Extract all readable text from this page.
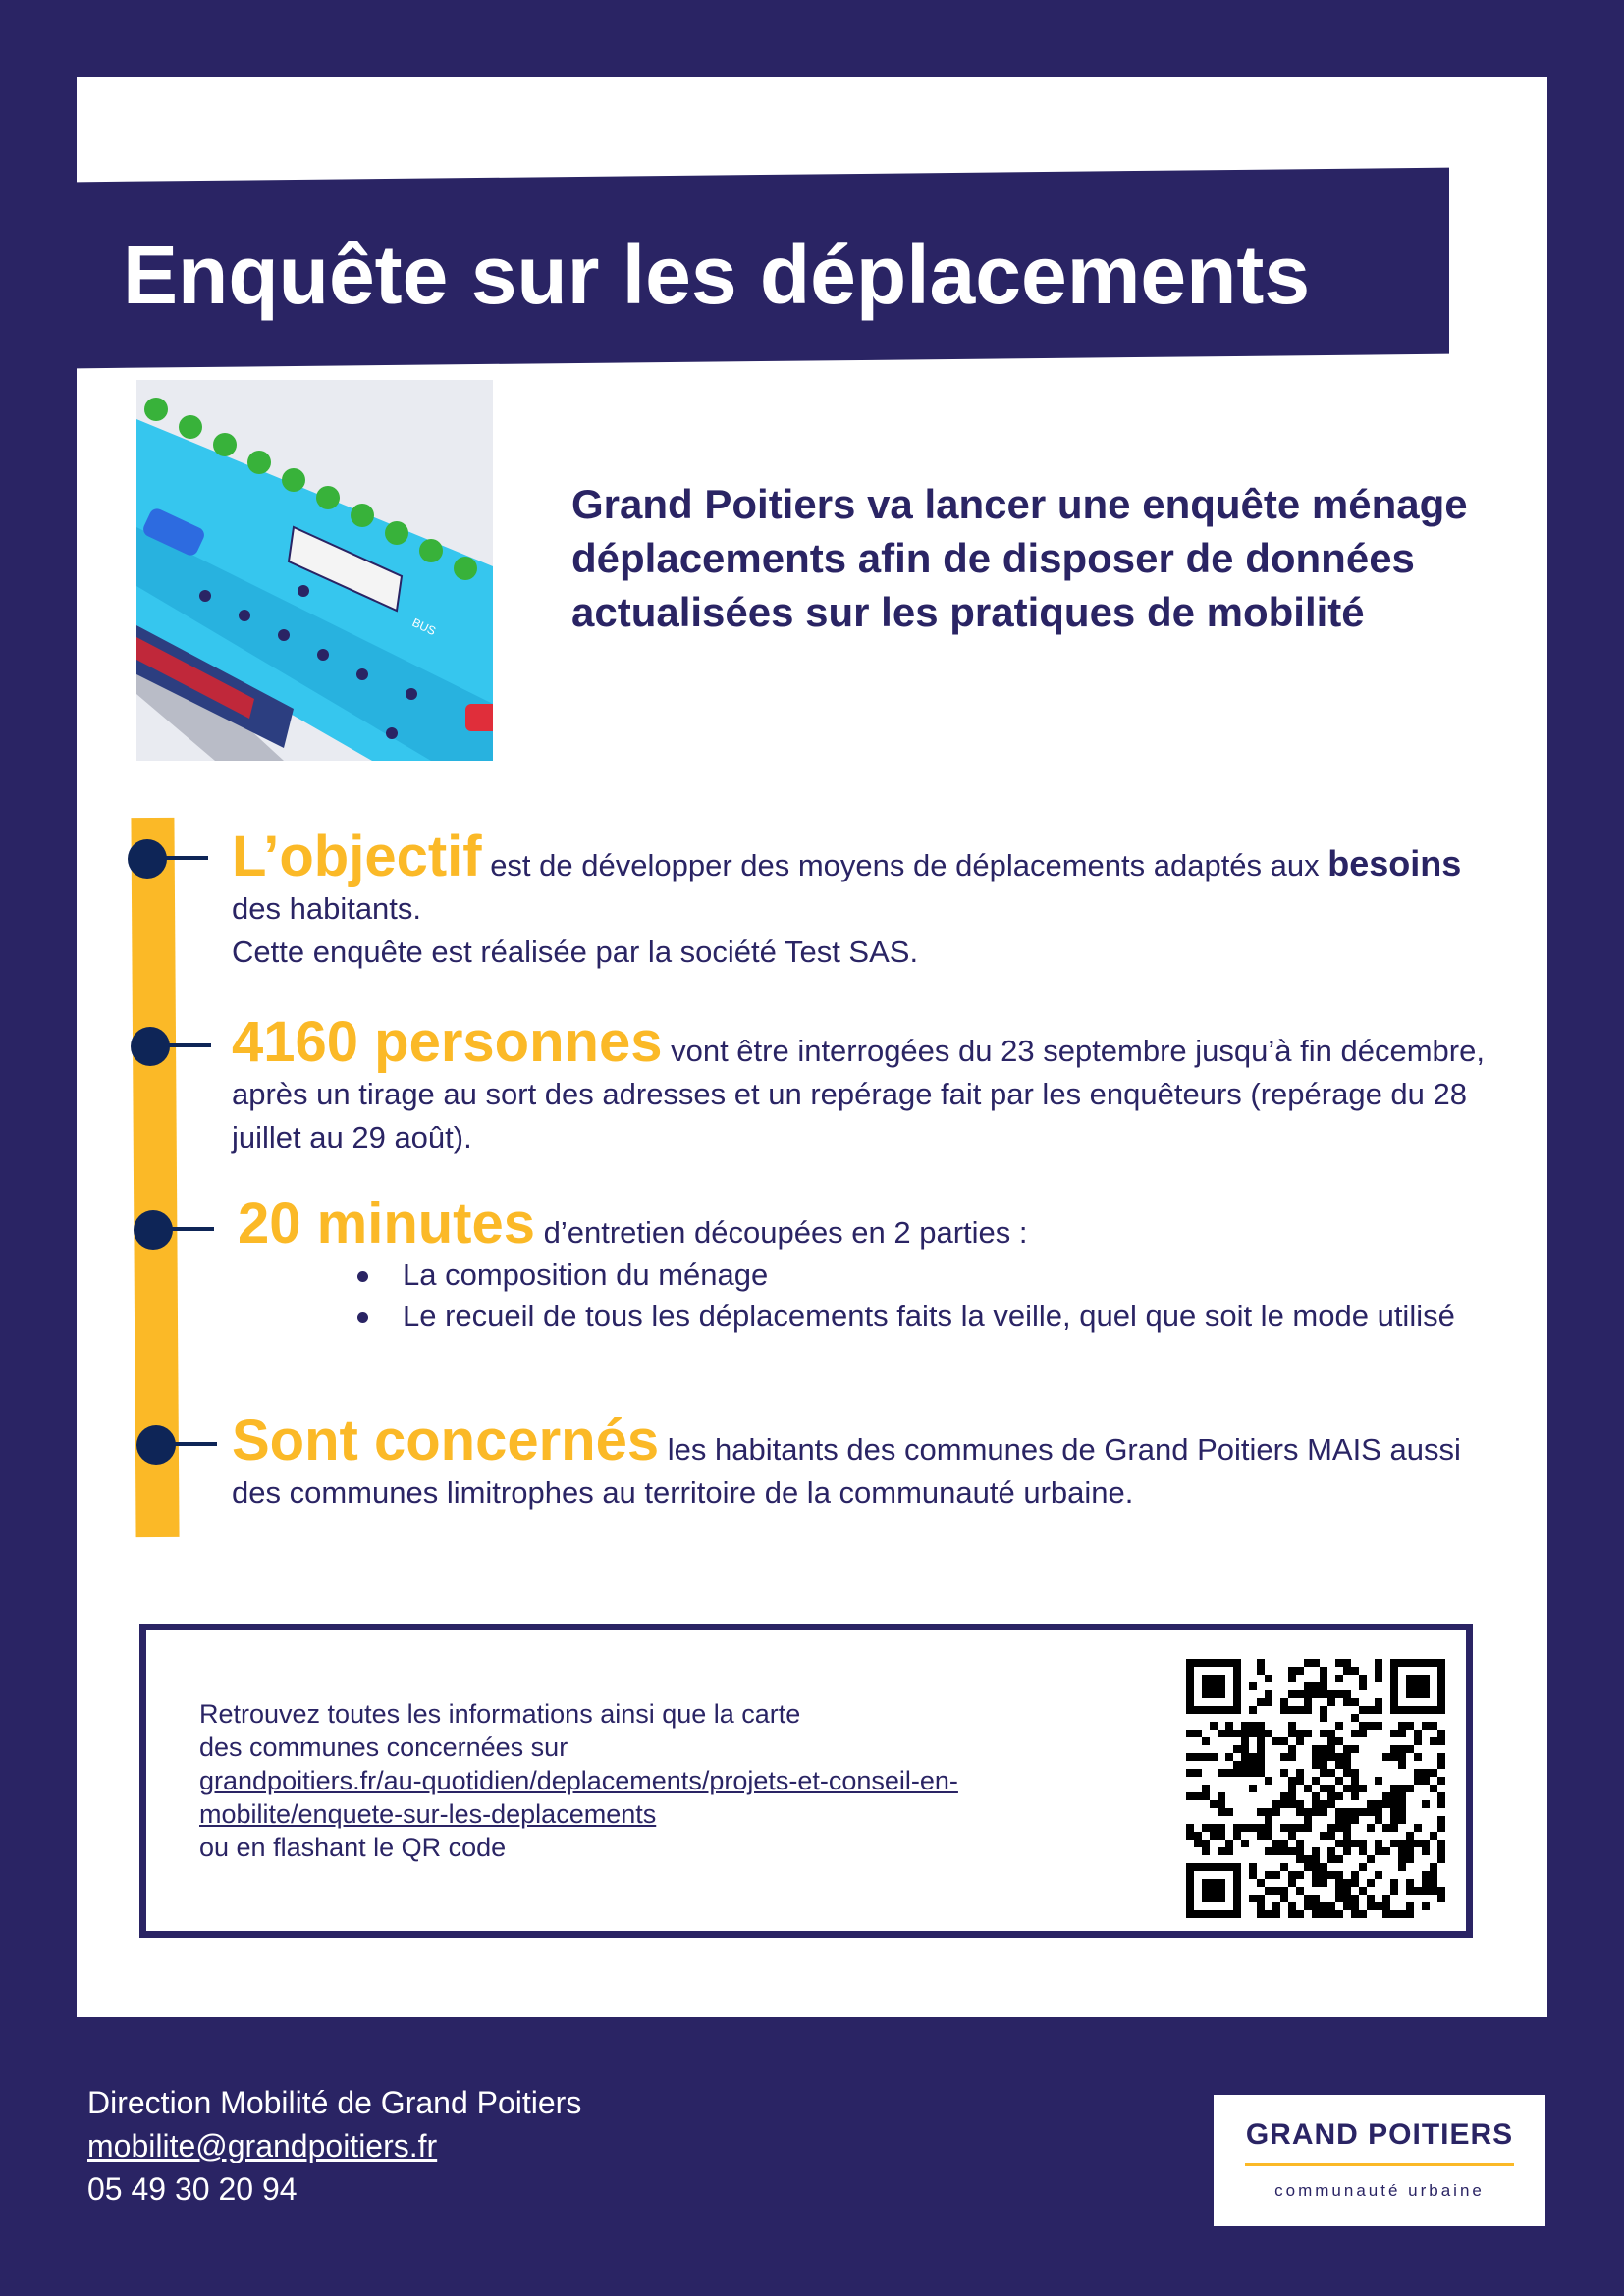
Enquête sur les déplacements
BUS
Grand Poitiers va lancer une enquête ménage déplacements afin de disposer de données actualisées sur les pratiques de mobilité
L’objectif est de développer des moyens de déplacements adaptés aux besoins des habitants.
Cette enquête est réalisée par la société Test SAS.
4160 personnes vont être interrogées du 23 septembre jusqu’à fin décembre, après un tirage au sort des adresses et un repérage fait par les enquêteurs (repérage du 28 juillet au 29 août).
20 minutes d’entretien découpées en 2 parties :
La composition du ménage
Le recueil de tous les déplacements faits la veille, quel que soit le mode utilisé
Sont concernés les habitants des communes de Grand Poitiers MAIS aussi des communes limitrophes au territoire de la communauté urbaine.
Retrouvez toutes les informations ainsi que la carte
des communes concernées sur
grandpoitiers.fr/au-quotidien/deplacements/projets-et-conseil-en-mobilite/enquete-sur-les-deplacements
ou en flashant le QR code
Direction Mobilité de Grand Poitiers
mobilite@grandpoitiers.fr
05 49 30 20 94
GRAND POITIERS
communauté urbaine
